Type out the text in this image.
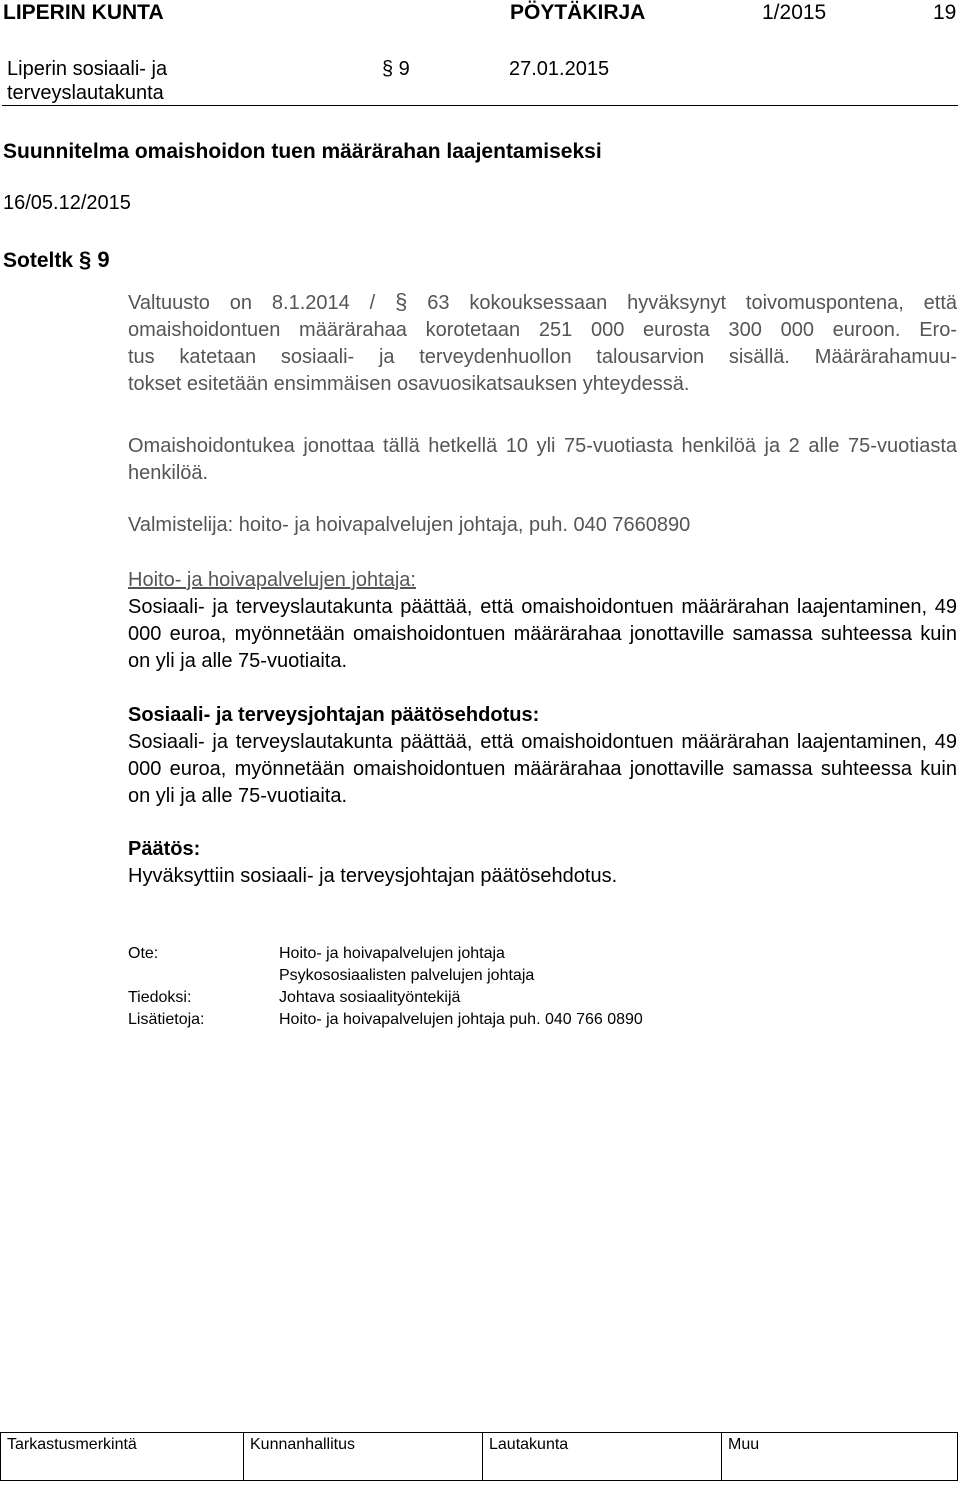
LIPERIN KUNTA	PÖYTÄKIRJA	1/2015	19
Liperin sosiaali- ja
terveyslautakunta
§ 9	27.01.2015
Suunnitelma omaishoidon tuen määrärahan laajentamiseksi
16/05.12/2015
Soteltk § 9
Valtuusto on 8.1.2014 / § 63 kokouksessaan hyväksynyt toivomuspontena, että
omaishoidontuen määrärahaa korotetaan 251 000 eurosta 300 000 euroon. Ero-
tus katetaan sosiaali- ja terveydenhuollon talousarvion sisällä. Määrärahamuu-
tokset esitetään ensimmäisen osavuosikatsauksen yhteydessä.

Omaishoidontukea jonottaa tällä hetkellä 10 yli 75-vuotiasta henkilöä ja 2 alle 75-vuotiasta henkilöä.

Valmistelija: hoito- ja hoivapalvelujen johtaja, puh. 040 7660890

Hoito- ja hoivapalvelujen johtaja:

Sosiaali- ja terveyslautakunta päättää, että omaishoidontuen määrärahan laajentaminen, 49 000 euroa, myönnetään omaishoidontuen määrärahaa jonottaville samassa suhteessa kuin on yli ja alle 75-vuotiaita.

Sosiaali- ja terveysjohtajan päätösehdotus:

Sosiaali- ja terveyslautakunta päättää, että omaishoidontuen määrärahan laajentaminen, 49 000 euroa, myönnetään omaishoidontuen määrärahaa jonottaville samassa suhteessa kuin on yli ja alle 75-vuotiaita.

Päätös:
Hyväksyttiin sosiaali- ja terveysjohtajan päätösehdotus.
Ote:	Hoito- ja hoivapalvelujen johtaja
Psykososiaalisten palvelujen johtaja
Tiedoksi:	Johtava sosiaalityöntekijä
Lisätietoja:	Hoito- ja hoivapalvelujen johtaja puh. 040 766 0890
Tarkastusmerkintä	Kunnanhallitus	Lautakunta	Muu
